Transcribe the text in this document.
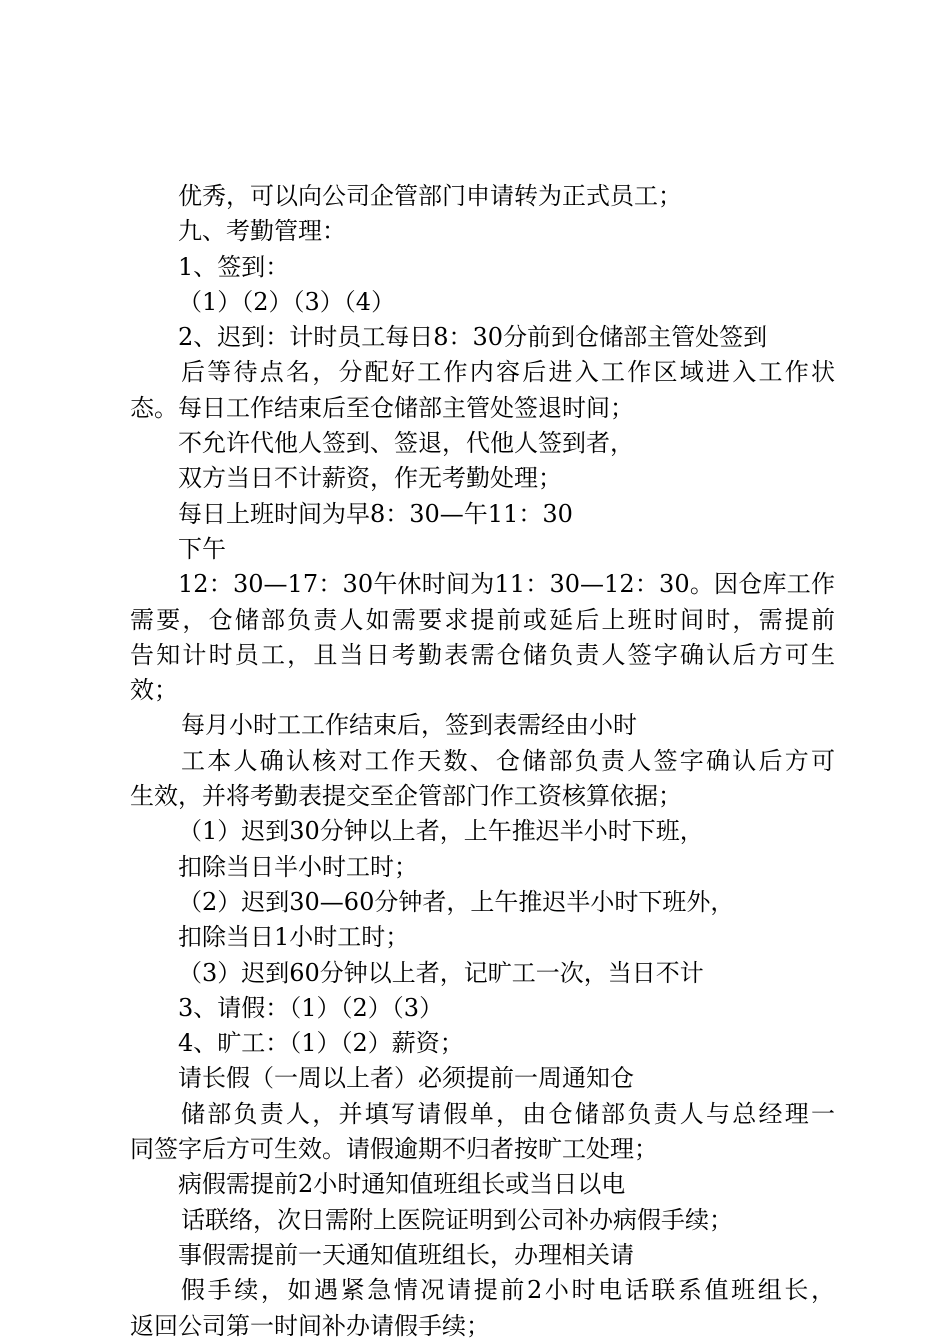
优秀，可以向公司企管部门申请转为正式员工；
九、考勤管理：
1、签到：
（1）（2）（3）（4）
2、迟到：计时员工每日8：30分前到仓储部主管处签到
后等待点名，分配好工作内容后进入工作区域进入工作状
态。每日工作结束后至仓储部主管处签退时间；
不允许代他人签到、签退，代他人签到者，
双方当日不计薪资，作无考勤处理；
每日上班时间为早8：30—午11：30
下午
12：30—17：30午休时间为11：30—12：30。因仓库工作
需要，仓储部负责人如需要求提前或延后上班时间时，需提前
告知计时员工，且当日考勤表需仓储负责人签字确认后方可生
效；
每月小时工工作结束后，签到表需经由小时
工本人确认核对工作天数、仓储部负责人签字确认后方可
生效，并将考勤表提交至企管部门作工资核算依据；
（1）迟到30分钟以上者，上午推迟半小时下班，
扣除当日半小时工时；
（2）迟到30—60分钟者，上午推迟半小时下班外，
扣除当日1小时工时；
（3）迟到60分钟以上者，记旷工一次，当日不计
3、请假：（1）（2）（3）
4、旷工：（1）（2）薪资；
请长假（一周以上者）必须提前一周通知仓
储部负责人，并填写请假单，由仓储部负责人与总经理一
同签字后方可生效。请假逾期不归者按旷工处理；
病假需提前2小时通知值班组长或当日以电
话联络，次日需附上医院证明到公司补办病假手续；
事假需提前一天通知值班组长，办理相关请
假手续，如遇紧急情况请提前2小时电话联系值班组长，
返回公司第一时间补办请假手续；
